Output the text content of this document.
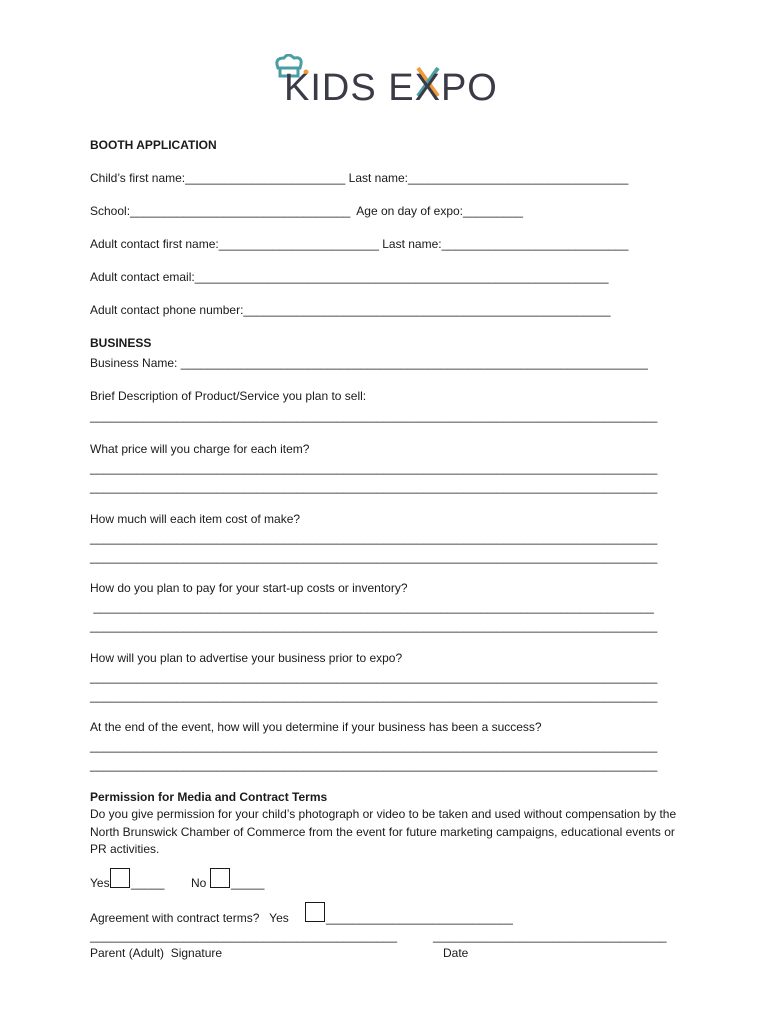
KIDS EXPO
BOOTH APPLICATION
Child’s first name:________________________ Last name:_________________________________
School:_________________________________  Age on day of expo:_________
Adult contact first name:________________________ Last name:____________________________
Adult contact email:______________________________________________________________
Adult contact phone number:_______________________________________________________
BUSINESS
Business Name: ______________________________________________________________________
Brief Description of Product/Service you plan to sell:
_____________________________________________________________________________________
What price will you charge for each item?
_____________________________________________________________________________________
_____________________________________________________________________________________
How much will each item cost of make?
_____________________________________________________________________________________
_____________________________________________________________________________________
How do you plan to pay for your start-up costs or inventory?
____________________________________________________________________________________
_____________________________________________________________________________________
How will you plan to advertise your business prior to expo?
_____________________________________________________________________________________
_____________________________________________________________________________________
At the end of the event, how will you determine if your business has been a success?
_____________________________________________________________________________________
_____________________________________________________________________________________
Permission for Media and Contract Terms
Do you give permission for your child’s photograph or video to be taken and used without compensation by the North Brunswick Chamber of Commerce from the event for future marketing campaigns, educational events or PR activities.
Yes _____ No _____
Agreement with contract terms?   Yes	____________________________
______________________________________________	___________________________________
Parent (Adult)  Signature	Date
